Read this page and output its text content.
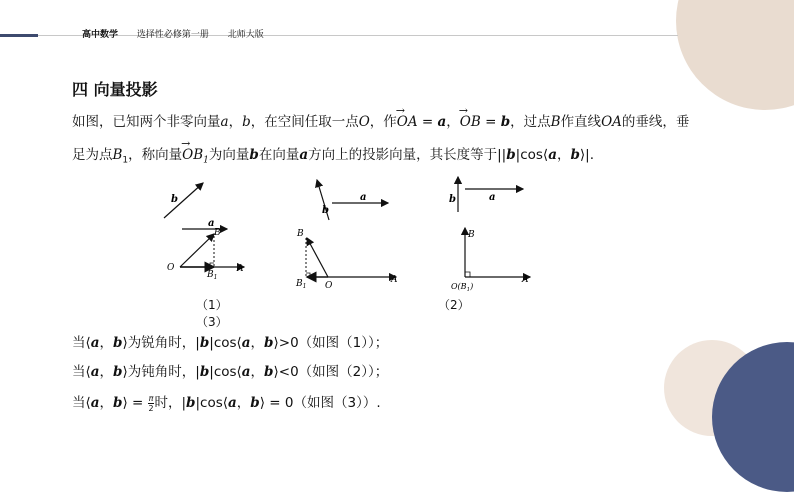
高中数学 选择性必修第一册 北师大版
四 向量投影
如图，已知两个非零向量a，b，在空间任取一点O，作→ OA = a，→ OB = b，过点B作直线OA的垂线，垂
足为点$B_1$，称向量→ $OB_1$为向量b在向量a方向上的投影向量，其长度等于||b|cos⟨a，b⟩|.
b
a
B
O
$B_1$
A
b
a
B
$B_1$ O
A
b	a
B
$O(B_1)$
A
（1）
（3）
（2）
当⟨a，b⟩为锐角时，|b|cos⟨a，b⟩>0（如图（1））；
当⟨a，b⟩为钝角时，|b|cos⟨a，b⟩<0（如图（2））；
当⟨a，b⟩ = $\frac{\pi}{2}$ 时，|b|cos⟨a，b⟩ = 0（如图（3））.
